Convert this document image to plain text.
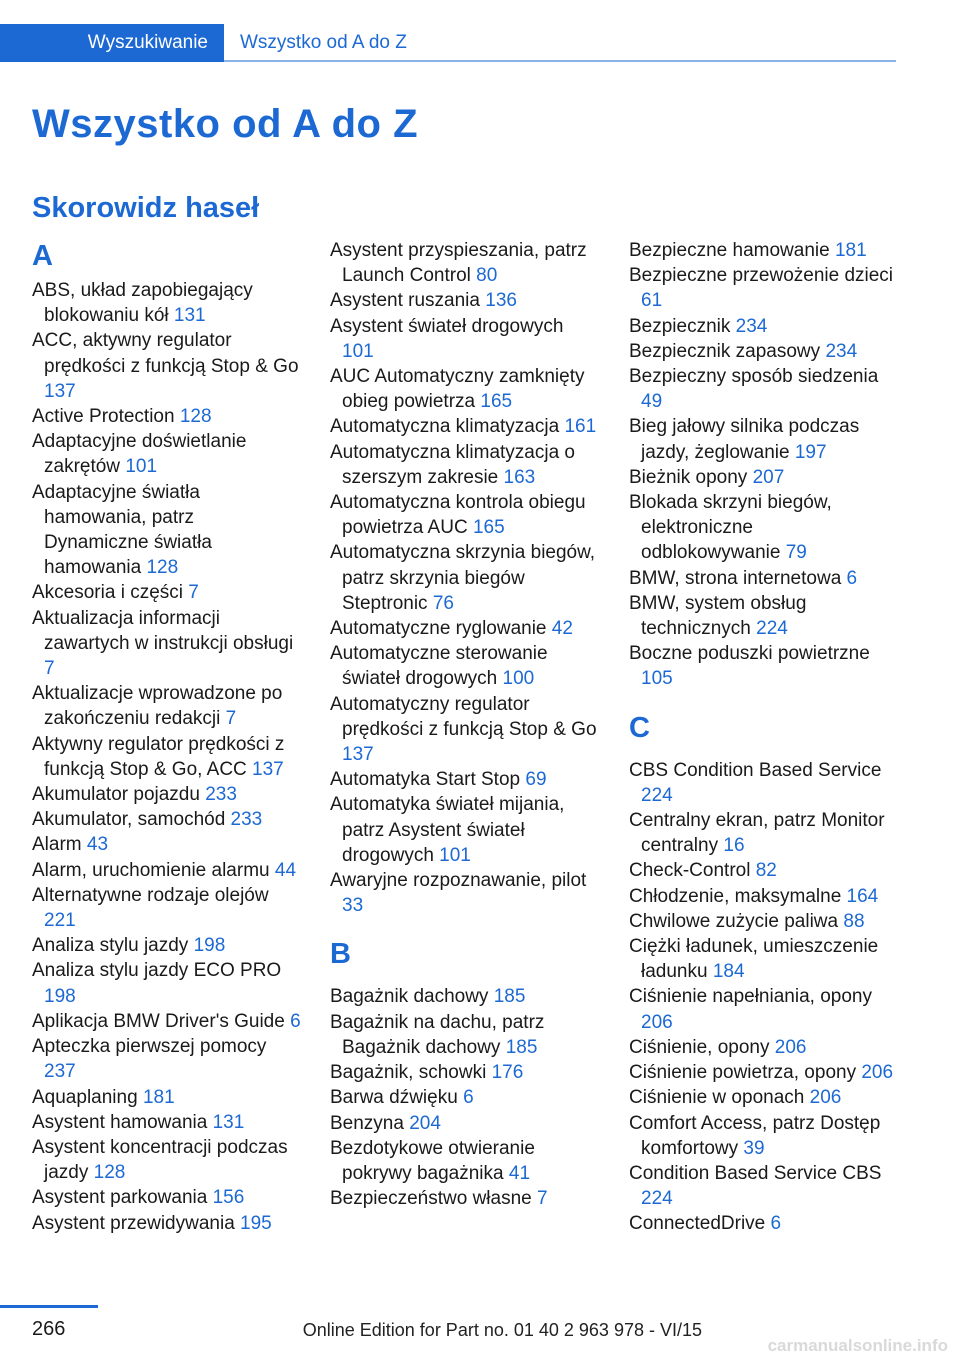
Wyszukiwanie	Wszystko od A do Z
Wszystko od A do Z
Skorowidz haseł
A
ABS, układ zapobiegający blokowaniu kół 131
ACC, aktywny regulator prędkości z funkcją Stop & Go 137
Active Protection 128
Adaptacyjne doświetlanie zakrętów 101
Adaptacyjne światła hamowania, patrz Dynamiczne światła hamowania 128
Akcesoria i części 7
Aktualizacja informacji zawartych w instrukcji obsługi 7
Aktualizacje wprowadzone po zakończeniu redakcji 7
Aktywny regulator prędkości z funkcją Stop & Go, ACC 137
Akumulator pojazdu 233
Akumulator, samochód 233
Alarm 43
Alarm, uruchomienie alarmu 44
Alternatywne rodzaje olejów 221
Analiza stylu jazdy 198
Analiza stylu jazdy ECO PRO 198
Aplikacja BMW Driver's Guide 6
Apteczka pierwszej pomocy 237
Aquaplaning 181
Asystent hamowania 131
Asystent koncentracji podczas jazdy 128
Asystent parkowania 156
Asystent przewidywania 195
Asystent przyspieszania, patrz Launch Control 80
Asystent ruszania 136
Asystent świateł drogowych 101
AUC Automatyczny zamknięty obieg powietrza 165
Automatyczna klimatyzacja 161
Automatyczna klimatyzacja o szerszym zakresie 163
Automatyczna kontrola obiegu powietrza AUC 165
Automatyczna skrzynia biegów, patrz skrzynia biegów Steptronic 76
Automatyczne ryglowanie 42
Automatyczne sterowanie świateł drogowych 100
Automatyczny regulator prędkości z funkcją Stop & Go 137
Automatyka Start Stop 69
Automatyka świateł mijania, patrz Asystent świateł drogowych 101
Awaryjne rozpoznawanie, pilot 33
B
Bagażnik dachowy 185
Bagażnik na dachu, patrz Bagażnik dachowy 185
Bagażnik, schowki 176
Barwa dźwięku 6
Benzyna 204
Bezdotykowe otwieranie pokrywy bagażnika 41
Bezpieczeństwo własne 7
Bezpieczne hamowanie 181
Bezpieczne przewożenie dzieci 61
Bezpiecznik 234
Bezpiecznik zapasowy 234
Bezpieczny sposób siedzenia 49
Bieg jałowy silnika podczas jazdy, żeglowanie 197
Bieżnik opony 207
Blokada skrzyni biegów, elektroniczne odblokowywanie 79
BMW, strona internetowa 6
BMW, system obsług technicznych 224
Boczne poduszki powietrzne 105
C
CBS Condition Based Service 224
Centralny ekran, patrz Monitor centralny 16
Check-Control 82
Chłodzenie, maksymalne 164
Chwilowe zużycie paliwa 88
Ciężki ładunek, umieszczenie ładunku 184
Ciśnienie napełniania, opony 206
Ciśnienie, opony 206
Ciśnienie powietrza, opony 206
Ciśnienie w oponach 206
Comfort Access, patrz Dostęp komfortowy 39
Condition Based Service CBS 224
ConnectedDrive 6
266	Online Edition for Part no. 01 40 2 963 978 - VI/15
carmanualsonline.info
